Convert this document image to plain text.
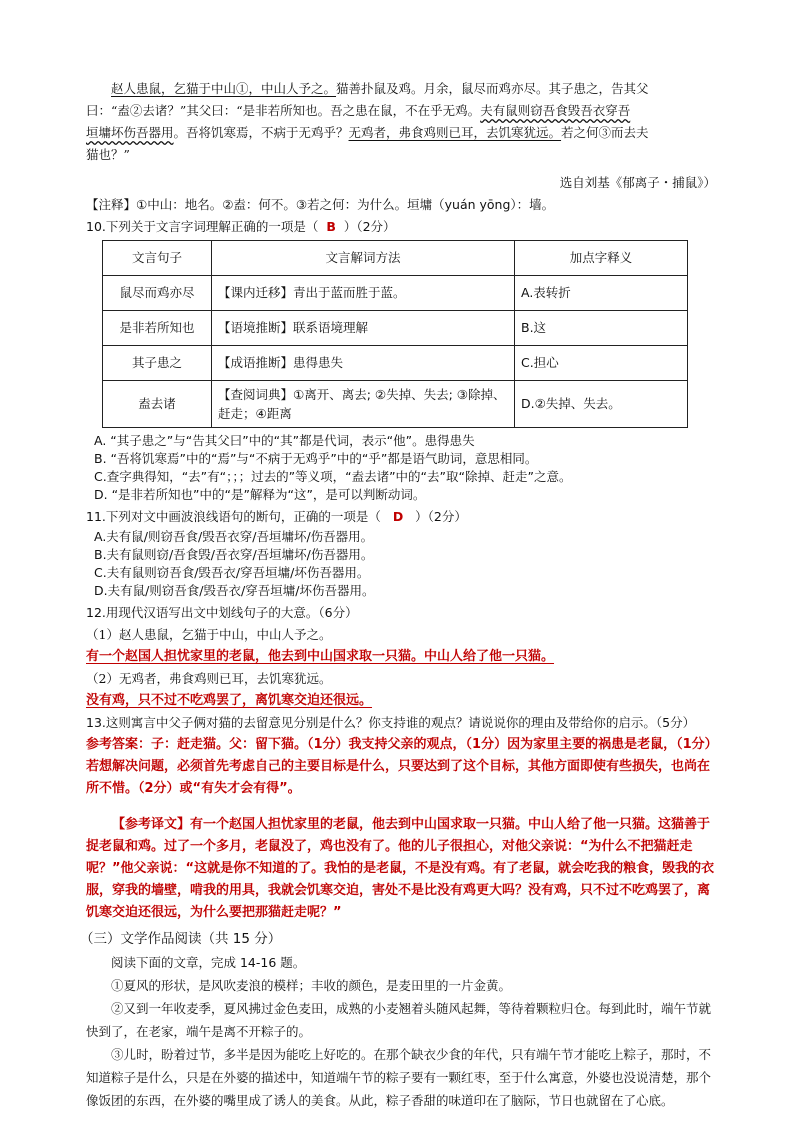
赵人患鼠，乞猫于中山①，中山人予之。猫善扑鼠及鸡。月余，鼠尽而鸡亦尽。其子患之，告其父

曰：“盍②去诸？”其父曰：“是非若所知也。吾之患在鼠，不在乎无鸡。夫有鼠则窃吾食毁吾衣穿吾

垣墉坏伤吾器用。吾将饥寒焉，不病于无鸡乎？无鸡者，弗食鸡则已耳，去饥寒犹远。若之何③而去夫

猫也？”

选自刘基《郁离子・捕鼠》）

【注释】①中山：地名。②盍：何不。③若之何：为什么。垣墉（yuán yōng）：墙。

10.下列关于文言字词理解正确的一项是（ B ）（2分）

文言句子	文言解词方法	加点字释义
鼠尽而鸡亦尽	【课内迁移】青出于蓝而胜于蓝。	A.表转折
是非若所知也	【语境推断】联系语境理解	B.这
其子患之	【成语推断】患得患失	C.担心
盍去诸	【查阅词典】①离开、离去; ②失掉、失去; ③除掉、赶走；④距离	D.②失掉、失去。

A. “其子患之”与“告其父曰”中的“其”都是代词，表示“他”。患得患失

B. “吾将饥寒焉”中的“焉”与“不病于无鸡乎”中的“乎”都是语气助词，意思相同。

C.查字典得知，“去”有“；；；过去的”等义项，“盍去诸”中的“去”取“除掉、赶走”之意。

D. “是非若所知也”中的“是”解释为“这”，是可以判断动词。

11.下列对文中画波浪线语句的断句，正确的一项是（ D ）（2分）

A.夫有鼠/则窃吾食/毁吾衣穿/吾垣墉坏/伤吾器用。

B.夫有鼠则窃/吾食毁/吾衣穿/吾垣墉坏/伤吾器用。

C.夫有鼠则窃吾食/毁吾衣/穿吾垣墉/坏伤吾器用。

D.夫有鼠/则窃吾食/毁吾衣/穿吾垣墉/坏伤吾器用。

12.用现代汉语写出文中划线句子的大意。（6分）

（1）赵人患鼠，乞猫于中山，中山人予之。

有一个赵国人担忧家里的老鼠，他去到中山国求取一只猫。中山人给了他一只猫。

（2）无鸡者，弗食鸡则已耳，去饥寒犹远。

没有鸡，只不过不吃鸡罢了，离饥寒交迫还很远。

13.这则寓言中父子俩对猫的去留意见分别是什么？你支持谁的观点？请说说你的理由及带给你的启示。（5分）

参考答案：子：赶走猫。父：留下猫。（1分）我支持父亲的观点，（1分）因为家里主要的祸患是老鼠，（1分）若想解决问题，必须首先考虑自己的主要目标是什么，只要达到了这个目标，其他方面即使有些损失，也尚在所不惜。（2分）或“有失才会有得”。

【参考译文】有一个赵国人担忧家里的老鼠，他去到中山国求取一只猫。中山人给了他一只猫。这猫善于捉老鼠和鸡。过了一个多月，老鼠没了，鸡也没有了。他的儿子很担心，对他父亲说：“为什么不把猫赶走呢？”他父亲说：“这就是你不知道的了。我怕的是老鼠，不是没有鸡。有了老鼠，就会吃我的粮食，毁我的衣服，穿我的墙壁，啃我的用具，我就会饥寒交迫，害处不是比没有鸡更大吗？没有鸡，只不过不吃鸡罢了，离饥寒交迫还很远，为什么要把那猫赶走呢？”

（三）文学作品阅读（共 15 分）

阅读下面的文章，完成 14-16 题。

①夏风的形状，是风吹麦浪的模样；丰收的颜色，是麦田里的一片金黄。

②又到一年收麦季，夏风拂过金色麦田，成熟的小麦翘着头随风起舞，等待着颗粒归仓。每到此时，端午节就快到了，在老家，端午是离不开粽子的。

③儿时，盼着过节，多半是因为能吃上好吃的。在那个缺衣少食的年代，只有端午节才能吃上粽子，那时，不知道粽子是什么，只是在外婆的描述中，知道端午节的粽子要有一颗红枣，至于什么寓意，外婆也没说清楚，那个像饭团的东西，在外婆的嘴里成了诱人的美食。从此，粽子香甜的味道印在了脑际，节日也就留在了心底。
